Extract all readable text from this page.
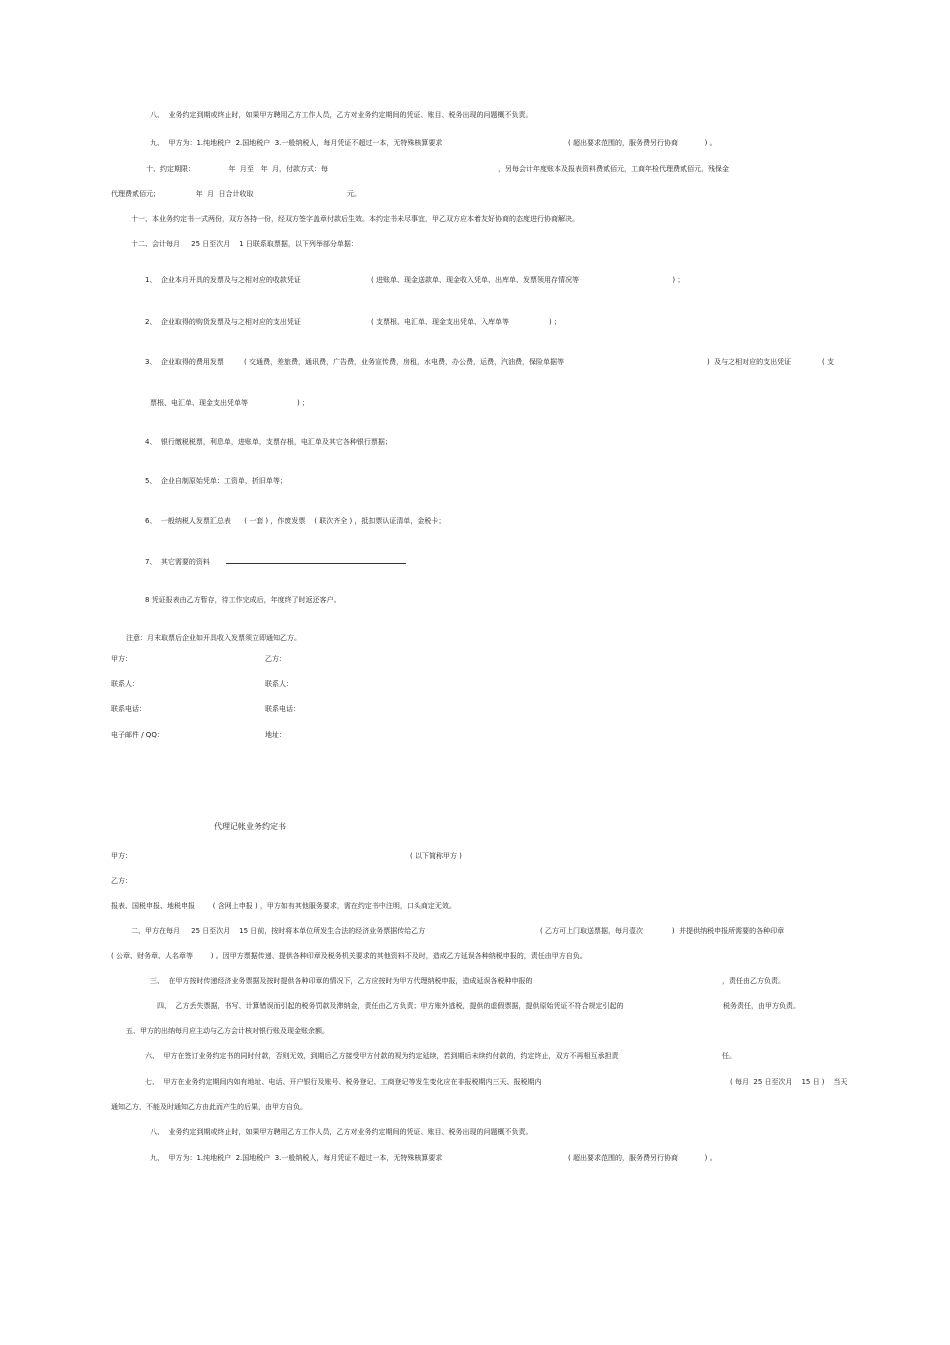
八、  业务约定到期或终止时，如果甲方聘用乙方工作人员，乙方对业务约定期间的凭证、账目、税务出现的问题概不负责。
九、  甲方为：1.纯地税户  2.国地税户  3.一般纳税人，每月凭证不超过一本，无特殊核算要求	( 超出要求范围的，服务费另行协商            ) 。
十、约定期限：               年  月至   年  月，付款方式：每	，另每会计年度账本及报表资料费贰佰元，工商年检代理费贰佰元，残保金
代理费贰佰元；                年  月  日合计收取                                          元。
十一、本业务约定书一式两份，双方各持一份，经双方签字盖章付款后生效。本约定书未尽事宜，甲乙双方应本着友好协商的态度进行协商解决。
十二、会计每月     25 日至次月    1 日联系取票据，以下列举部分单据：
1、  企业本月开具的发票及与之相对应的收款凭证	( 进账单、现金送款单、现金收入凭单、出库单、发票领用存情况等                                          ) ；
2、  企业取得的购货发票及与之相对应的支出凭证	( 支票根、电汇单、现金支出凭单、入库单等                  ) ；
3、  企业取得的费用发票	( 交通费，差旅费，通讯费，广告费，业务宣传费，房租，水电费，办公费，运费，汽油费，保险单据等	)  及与之相对应的支出凭证	( 支
票根、电汇单、现金支出凭单等                      ) ；
4、  银行缴税税票，利息单，进账单，支票存根，电汇单及其它各种银行票据；
5、  企业自制原始凭单：工资单，折旧单等；
6、  一般纳税人发票汇总表      ( 一套 ) ，作废发票    ( 联次齐全 ) ，抵扣票认证清单，金税卡；
7、  其它需要的资料
8 凭证报表由乙方暂存，待工作完成后，年度终了时返还客户。
注意：月末取票后企业如开具收入发票须立即通知乙方。
甲方：	乙方：
联系人：	联系人：
联系电话：	联系电话：
电子邮件 / QQ：	地址：
代理记帐业务约定书
甲方：	( 以下简称甲方 )
乙方：
报表、国税申报、地税申报        ( 含网上申报 ) ，甲方如有其他服务要求，需在约定书中注明，口头商定无效。
二、甲方在每月     25 日至次月    15 日前，按时将本单位所发生合法的经济业务票据传给乙方	( 乙方可上门取送票据，每月壹次             )  并提供纳税申报所需要的各种印章
( 公章、财务章、人名章等        ) 。因甲方票据传递、提供各种印章及税务机关要求的其他资料不及时，造成乙方延误各种纳税申报的，责任由甲方自负。
三、  在甲方按时传递经济业务票据及按时提供各种印章的情况下，乙方应按时为甲方代理纳税申报，造成延误各税种申报的	，责任由乙方负责。
四、  乙方丢失票据，书写、计算错误而引起的税务罚款及滞纳金，责任由乙方负责；甲方账外逃税，提供的虚假票据，提供原始凭证不符合规定引起的	税务责任，由甲方负责。
五、甲方的出纳每月应主动与乙方会计核对银行账及现金账余额。
六、  甲方在签订业务约定书的同时付款，否则无效，到期后乙方接受甲方付款的视为约定延续，若到期后未续约付款的，约定终止，双方不再相互承担责	任。
七、  甲方在业务约定期间内如有地址、电话、开户银行及账号、税务登记、工商登记等发生变化应在非报税期内三天、报税期内	( 每月  25 日至次月    15 日 )    当天
通知乙方，不能及时通知乙方由此而产生的后果，由甲方自负。
八、  业务约定到期或终止时，如果甲方聘用乙方工作人员，乙方对业务约定期间的凭证、账目、税务出现的问题概不负责。
九、  甲方为：1.纯地税户  2.国地税户  3.一般纳税人，每月凭证不超过一本，无特殊核算要求	( 超出要求范围的，服务费另行协商            ) 。
